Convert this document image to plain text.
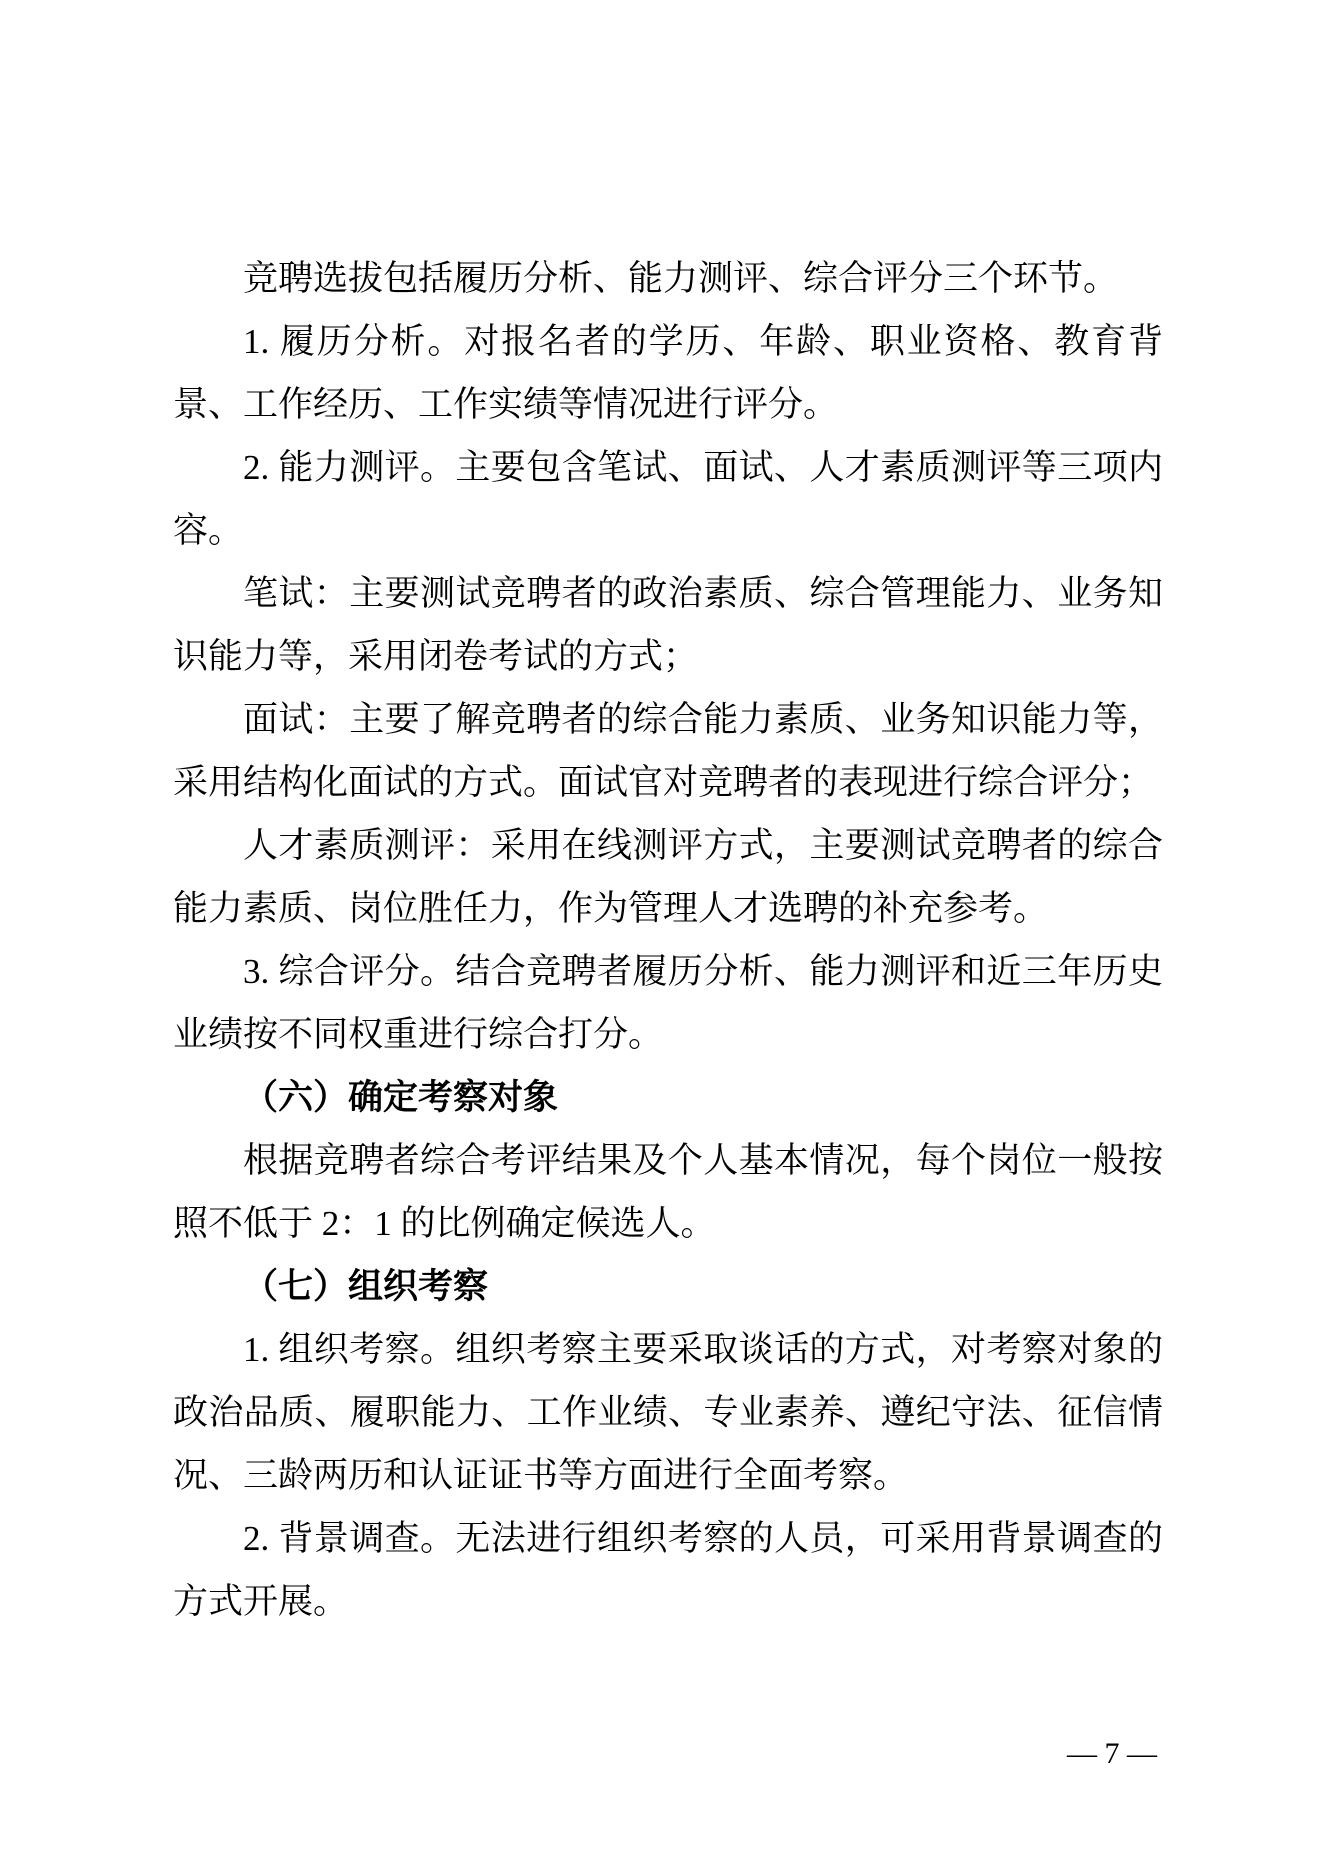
竞聘选拔包括履历分析、能力测评、综合评分三个环节。
1. 履历分析。对报名者的学历、年龄、职业资格、教育背
景、工作经历、工作实绩等情况进行评分。
2. 能力测评。主要包含笔试、面试、人才素质测评等三项内
容。
笔试：主要测试竞聘者的政治素质、综合管理能力、业务知
识能力等，采用闭卷考试的方式；
面试：主要了解竞聘者的综合能力素质、业务知识能力等，
采用结构化面试的方式。面试官对竞聘者的表现进行综合评分；
人才素质测评：采用在线测评方式，主要测试竞聘者的综合
能力素质、岗位胜任力，作为管理人才选聘的补充参考。
3. 综合评分。结合竞聘者履历分析、能力测评和近三年历史
业绩按不同权重进行综合打分。
（六）确定考察对象
根据竞聘者综合考评结果及个人基本情况，每个岗位一般按
照不低于 2：1 的比例确定候选人。
（七）组织考察
1. 组织考察。组织考察主要采取谈话的方式，对考察对象的
政治品质、履职能力、工作业绩、专业素养、遵纪守法、征信情
况、三龄两历和认证证书等方面进行全面考察。
2. 背景调查。无法进行组织考察的人员，可采用背景调查的
方式开展。
— 7 —
